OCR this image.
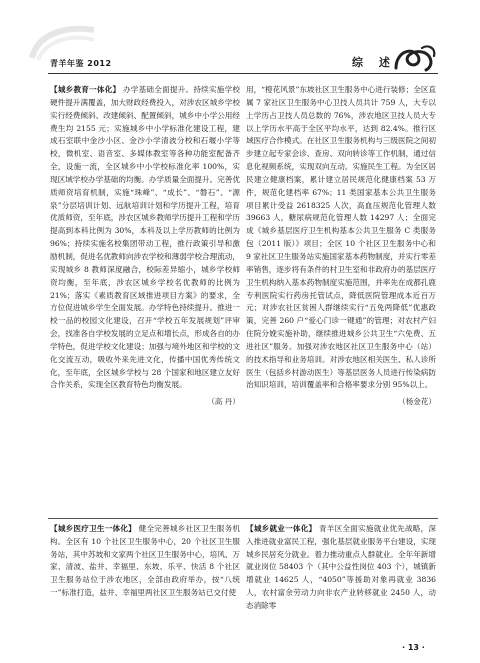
青羊年鉴 2012	综 述

【城乡教育一体化】 办学基础全面提升。持续实施学校硬件提升满覆盖，加大财政经费投入，对涉农区城乡学校实行经费倾斜、改建倾斜、配置倾斜，城乡中小学公用经费生均 2155 元；实施城乡中小学标准化建设工程，建成石室联中金沙小区、金沙小学清波分校和石堰小学等校，微机室、语音室、多媒体教室等各种功能室配备齐全，设施一流，全区城乡中小学校标准化率 100%，实现区域学校办学基础的均衡。办学质量全面提升。完善优质师资培育机制，实施“珠峰”、“成长”、“磐石”、“源泉”分层培训计划、远航培训计划和学历提升工程，培育优质师资，至年底，涉农区城乡教师学历提升工程和学历提高到本科比例为 30%，本科及以上学历教师的比例为 96%；持续实施名校集团带动工程，推行政策引导和激励机制，促进名优教师向涉农学校和薄弱学校合理流动，实现城乡 8 教师深度融合，校际差异缩小，城乡学校师资均衡，至年底，涉农区城乡学校名优教师的比例为 21%；落实《素质教育区域推进项目方案》的要求，全方位促进城乡学生全面发展。办学特色持续提升。推进一校一品的校园文化建设，召开“学校五年发展规划”评审会，找准各自学校发展的立足点和增长点，形成各自的办学特色，促进学校文化建设；加强与境外地区和学校的文化交流互动，吸收外来先进文化，传播中国优秀传统文化，至年底，全区城乡学校与 28 个国家和地区建立友好合作关系，实现全区教育特色均衡发展。

（高 丹）

用，“橙花风景”东坡社区卫生服务中心进行装修；全区直属 7 家社区卫生服务中心卫技人员共计 759 人，大专以上学历占卫技人员总数的 76%，涉农地区卫技人员大专以上学历水平高于全区平均水平，达到 82.4%。推行区域医疗合作模式。在社区卫生服务机构与三级医院之间初步建立起专家会诊、查房、双向转诊等工作机制，通过信息化视频系统，实现双向互动。实施民生工程。为全区居民建立健康档案，累计建立居民规范化健康档案 53 万件，规范化建档率 67%；11 类国家基本公共卫生服务项目累计受益 2618325 人次，高血压规范化管理人数 39663 人，糖尿病规范化管理人数 14297 人；全面完成《城乡基层医疗卫生机构基本公共卫生服务 C 类服务包（2011 版）》项目；全区 10 个社区卫生服务中心和 9 家社区卫生服务站实施国家基本药物制度，并实行零差率销售，逐步将有条件的村卫生室和非政府办的基层医疗卫生机构纳入基本药物制度实施范围，并率先在成都孔鹿专利医院实行药房托管试点，降低医院管理成本近百万元；对涉农社区贫困人群继续实行“五免两降低”优惠政策，完善 260 户“爱心门诊一键通”的管理；对农村产妇住院分娩实施补助，继续推进城乡公共卫生“六免费、五进社区”服务。加强对涉农地区社区卫生服务中心（站）的技术指导和业务培训。对涉农地区相关医生、私人诊所医生（包括乡村游动医生）等基层医务人员进行传染病防治知识培训，培训覆盖率和合格率要求分别 95%以上。

（杨金花）

【城乡医疗卫生一体化】 健全完善城乡社区卫生服务机构。全区有 10 个社区卫生服务中心，20 个社区卫生服务站，其中苏坡和文家两个社区卫生服务中心，培风、万家、清波、盐井、幸福里、东坡、乐平、快活 8 个社区卫生服务站位于涉农地区，全部由政府举办，按“八统一”标准打造，盐井、幸福里两社区卫生服务站已交付使

【城乡就业一体化】 青羊区全面实施就业优先战略，深入推进就业富民工程，强化基层就业服务平台建设，实现城乡民居充分就业。着力推动重点人群就业。全年年新增就业岗位 58403 个（其中公益性岗位 403 个），城镇新增就业 14625 人，“4050”等援助对象再就业 3836 人，农村富余劳动力向非农产业转移就业 2450 人，动态消除零

· 13 ·
